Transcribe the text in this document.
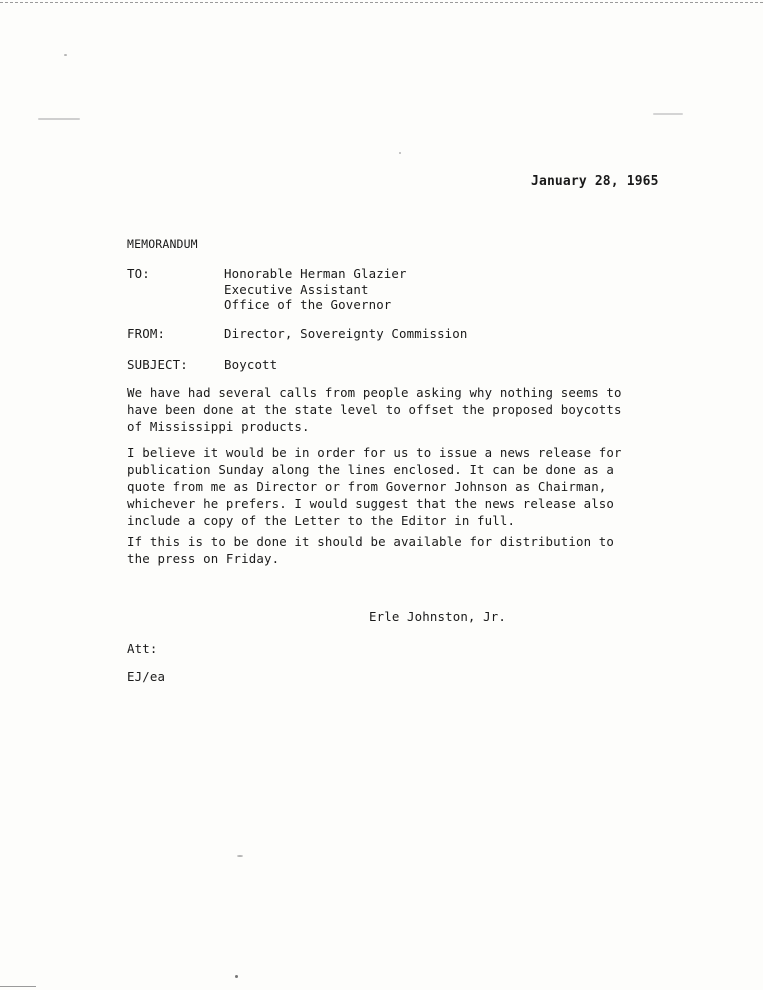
January 28, 1965
MEMORANDUM
TO:	Honorable Herman Glazier
Executive Assistant
Office of the Governor
FROM:	Director, Sovereignty Commission
SUBJECT:	Boycott
We have had several calls from people asking why nothing seems to
have been done at the state level to offset the proposed boycotts
of Mississippi products.
I believe it would be in order for us to issue a news release for
publication Sunday along the lines enclosed. It can be done as a
quote from me as Director or from Governor Johnson as Chairman,
whichever he prefers. I would suggest that the news release also
include a copy of the Letter to the Editor in full.
If this is to be done it should be available for distribution to
the press on Friday.
Erle Johnston, Jr.
Att:
EJ/ea
